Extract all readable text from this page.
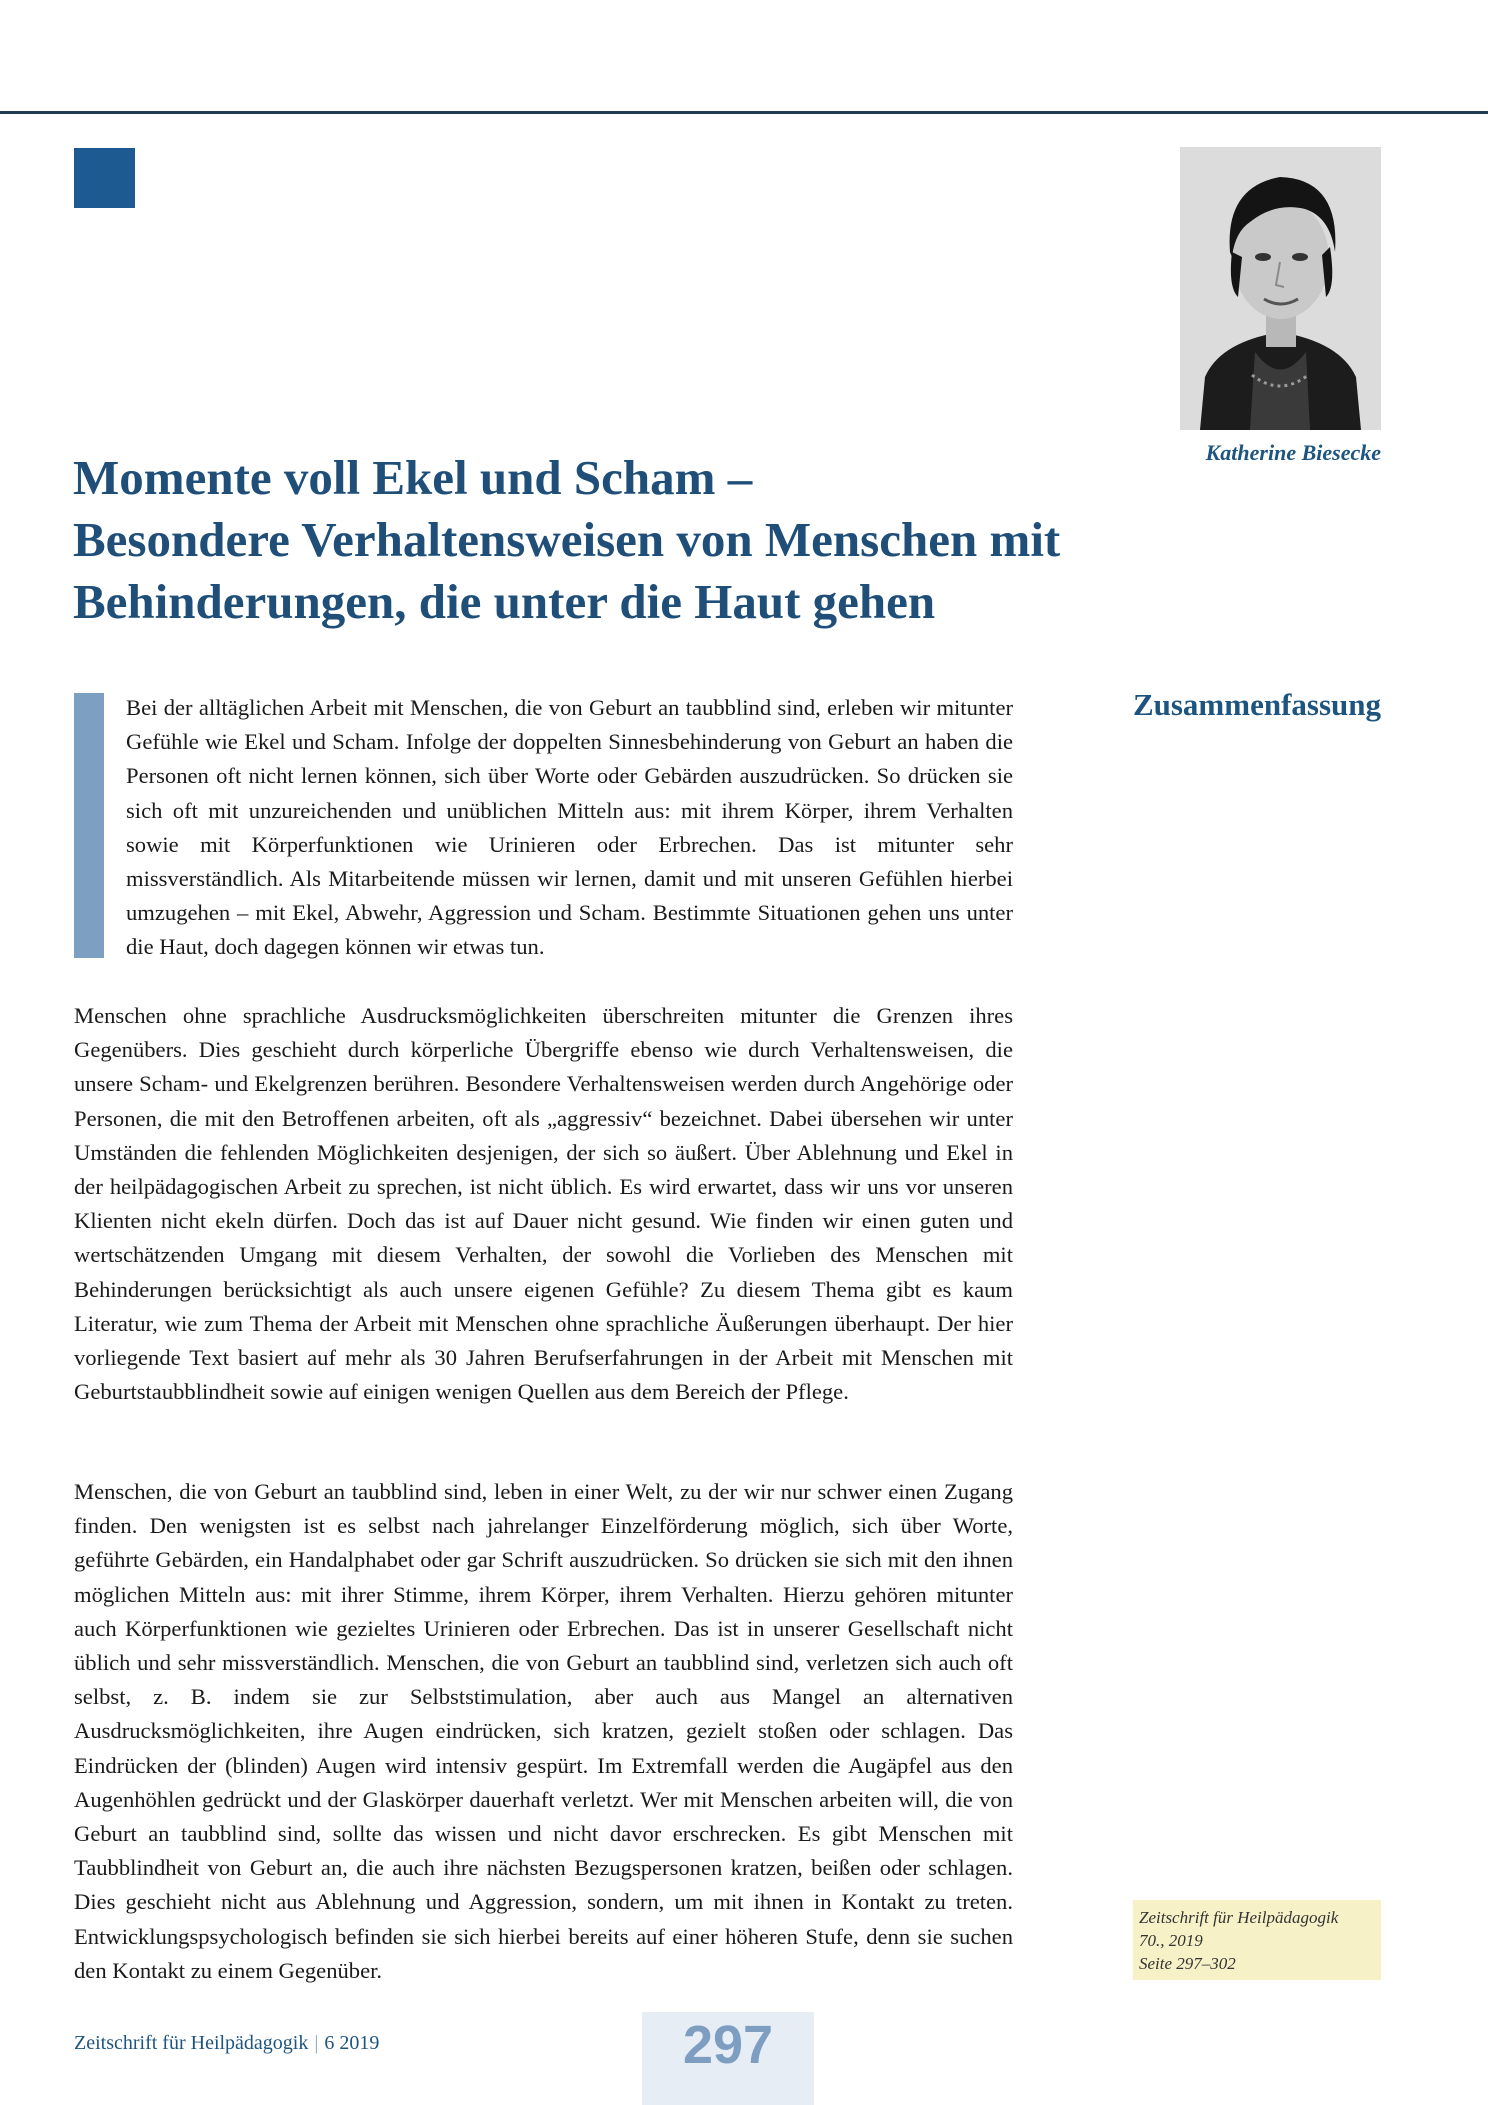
Katherine Biesecke
Momente voll Ekel und Scham –
Besondere Verhaltensweisen von Menschen mit
Behinderungen, die unter die Haut gehen

Bei der alltäglichen Arbeit mit Menschen, die von Geburt an taubblind sind, erleben wir mitunter Gefühle wie Ekel und Scham. Infolge der doppelten Sinnesbehinderung von Geburt an haben die Personen oft nicht lernen können, sich über Worte oder Gebärden auszudrücken. So drücken sie sich oft mit unzureichenden und unüblichen Mitteln aus: mit ihrem Körper, ihrem Verhalten sowie mit Körperfunktionen wie Urinieren oder Erbrechen. Das ist mitunter sehr missverständlich. Als Mitarbeitende müssen wir lernen, damit und mit unseren Gefühlen hierbei umzugehen – mit Ekel, Abwehr, Aggression und Scham. Bestimmte Situationen gehen uns unter die Haut, doch dagegen können wir etwas tun.

Zusammenfassung

Menschen ohne sprachliche Ausdrucksmöglichkeiten überschreiten mitunter die Grenzen ihres Gegenübers. Dies geschieht durch körperliche Übergriffe ebenso wie durch Verhaltensweisen, die unsere Scham- und Ekelgrenzen berühren. Besondere Verhaltensweisen werden durch Angehörige oder Personen, die mit den Betroffenen arbeiten, oft als „aggressiv“ bezeichnet. Dabei übersehen wir unter Umständen die fehlenden Möglichkeiten desjenigen, der sich so äußert. Über Ablehnung und Ekel in der heilpädagogischen Arbeit zu sprechen, ist nicht üblich. Es wird erwartet, dass wir uns vor unseren Klienten nicht ekeln dürfen. Doch das ist auf Dauer nicht gesund. Wie finden wir einen guten und wertschätzenden Umgang mit diesem Verhalten, der sowohl die Vorlieben des Menschen mit Behinderungen berücksichtigt als auch unsere eigenen Gefühle? Zu diesem Thema gibt es kaum Literatur, wie zum Thema der Arbeit mit Menschen ohne sprachliche Äußerungen überhaupt. Der hier vorliegende Text basiert auf mehr als 30 Jahren Berufserfahrungen in der Arbeit mit Menschen mit Geburtstaubblindheit sowie auf einigen wenigen Quellen aus dem Bereich der Pflege.

Menschen, die von Geburt an taubblind sind, leben in einer Welt, zu der wir nur schwer einen Zugang finden. Den wenigsten ist es selbst nach jahrelanger Einzelförderung möglich, sich über Worte, geführte Gebärden, ein Handalphabet oder gar Schrift auszudrücken. So drücken sie sich mit den ihnen möglichen Mitteln aus: mit ihrer Stimme, ihrem Körper, ihrem Verhalten. Hierzu gehören mitunter auch Körperfunktionen wie gezieltes Urinieren oder Erbrechen. Das ist in unserer Gesellschaft nicht üblich und sehr missverständlich. Menschen, die von Geburt an taubblind sind, verletzen sich auch oft selbst, z. B. indem sie zur Selbststimulation, aber auch aus Mangel an alternativen Ausdrucksmöglichkeiten, ihre Augen eindrücken, sich kratzen, gezielt stoßen oder schlagen. Das Eindrücken der (blinden) Augen wird intensiv gespürt. Im Extremfall werden die Augäpfel aus den Augenhöhlen gedrückt und der Glaskörper dauerhaft verletzt. Wer mit Menschen arbeiten will, die von Geburt an taubblind sind, sollte das wissen und nicht davor erschrecken. Es gibt Menschen mit Taubblindheit von Geburt an, die auch ihre nächsten Bezugspersonen kratzen, beißen oder schlagen. Dies geschieht nicht aus Ablehnung und Aggression, sondern, um mit ihnen in Kontakt zu treten. Entwicklungspsychologisch befinden sie sich hierbei bereits auf einer höheren Stufe, denn sie suchen den Kontakt zu einem Gegenüber.

Zeitschrift für Heilpädagogik
70., 2019
Seite 297–302
Zeitschrift für Heilpädagogik | 6 2019	297
